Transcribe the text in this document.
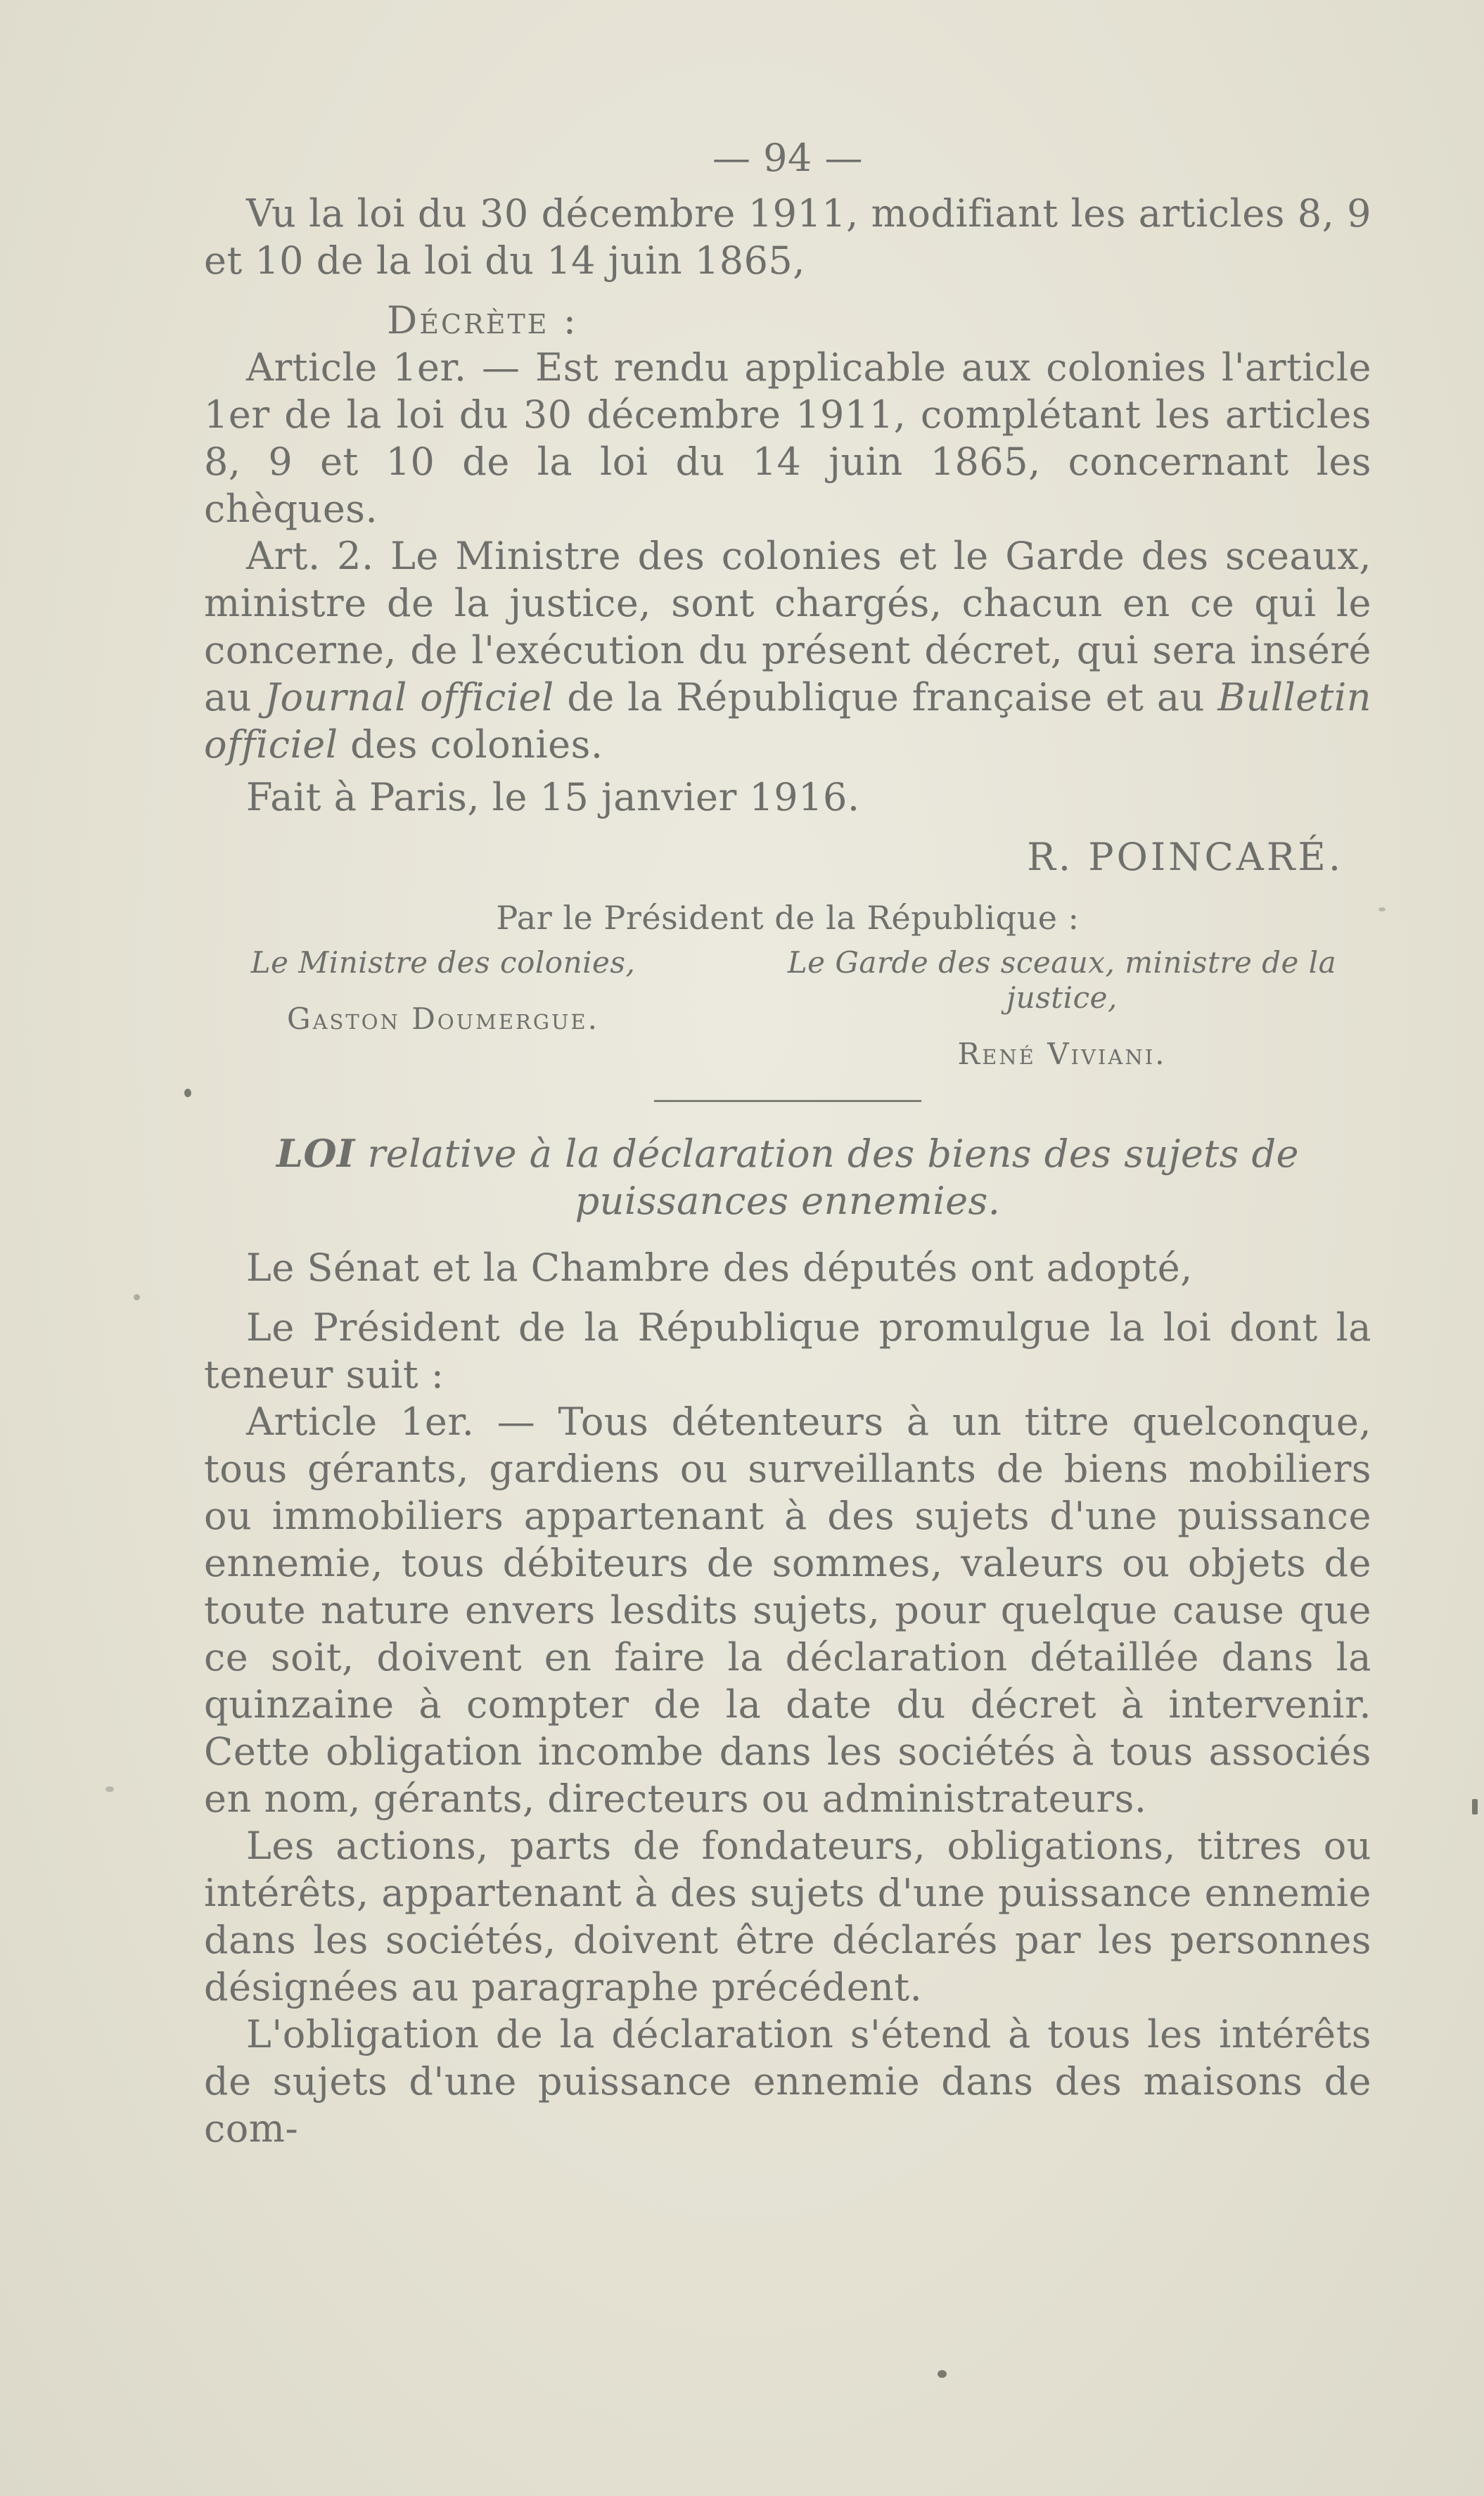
— 94 —

Vu la loi du 30 décembre 1911, modifiant les articles 8, 9 et 10 de la loi du 14 juin 1865,

Décrète :

Article 1er. — Est rendu applicable aux colonies l'article 1er de la loi du 30 décembre 1911, complétant les articles 8, 9 et 10 de la loi du 14 juin 1865, concernant les chèques.

Art. 2. Le Ministre des colonies et le Garde des sceaux, ministre de la justice, sont chargés, chacun en ce qui le concerne, de l'exécution du présent décret, qui sera inséré au Journal officiel de la République française et au Bulletin officiel des colonies.

Fait à Paris, le 15 janvier 1916.
R. POINCARÉ.
Par le Président de la République :
Le Ministre des colonies,
Gaston Doumergue.
Le Garde des sceaux, ministre de la justice,
René Viviani.
LOI relative à la déclaration des biens des sujets de puissances ennemies.

Le Sénat et la Chambre des députés ont adopté,

Le Président de la République promulgue la loi dont la teneur suit :

Article 1er. — Tous détenteurs à un titre quelconque, tous gérants, gardiens ou surveillants de biens mobiliers ou immobiliers appartenant à des sujets d'une puissance ennemie, tous débiteurs de sommes, valeurs ou objets de toute nature envers lesdits sujets, pour quelque cause que ce soit, doivent en faire la déclaration détaillée dans la quinzaine à compter de la date du décret à intervenir. Cette obligation incombe dans les sociétés à tous associés en nom, gérants, directeurs ou administrateurs.

Les actions, parts de fondateurs, obligations, titres ou intérêts, appartenant à des sujets d'une puissance ennemie dans les sociétés, doivent être déclarés par les personnes désignées au paragraphe précédent.

L'obligation de la déclaration s'étend à tous les intérêts de sujets d'une puissance ennemie dans des maisons de com-
